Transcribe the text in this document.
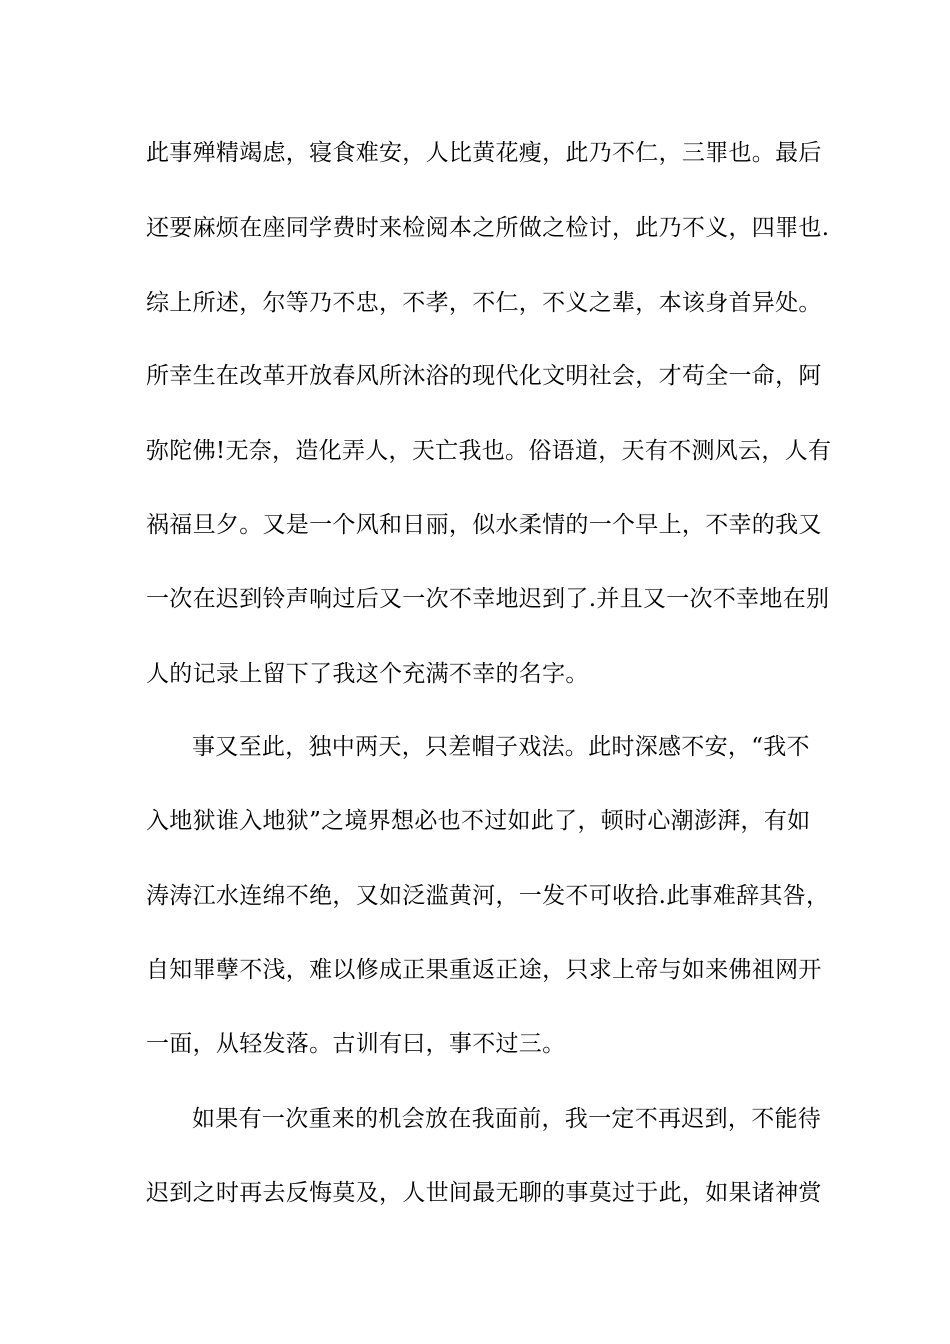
此事殚精竭虑，寝食难安，人比黄花瘦，此乃不仁，三罪也。最后
还要麻烦在座同学费时来检阅本之所做之检讨，此乃不义，四罪也.
综上所述，尔等乃不忠，不孝，不仁，不义之辈，本该身首异处。
所幸生在改革开放春风所沐浴的现代化文明社会，才苟全一命，阿
弥陀佛!无奈，造化弄人，天亡我也。俗语道，天有不测风云，人有
祸福旦夕。又是一个风和日丽，似水柔情的一个早上，不幸的我又
一次在迟到铃声响过后又一次不幸地迟到了.并且又一次不幸地在别
人的记录上留下了我这个充满不幸的名字。
事又至此，独中两天，只差帽子戏法。此时深感不安，“我不
入地狱谁入地狱”之境界想必也不过如此了，顿时心潮澎湃，有如
涛涛江水连绵不绝，又如泛滥黄河，一发不可收拾.此事难辞其咎，
自知罪孽不浅，难以修成正果重返正途，只求上帝与如来佛祖网开
一面，从轻发落。古训有曰，事不过三。
如果有一次重来的机会放在我面前，我一定不再迟到，不能待
迟到之时再去反悔莫及，人世间最无聊的事莫过于此，如果诸神赏
